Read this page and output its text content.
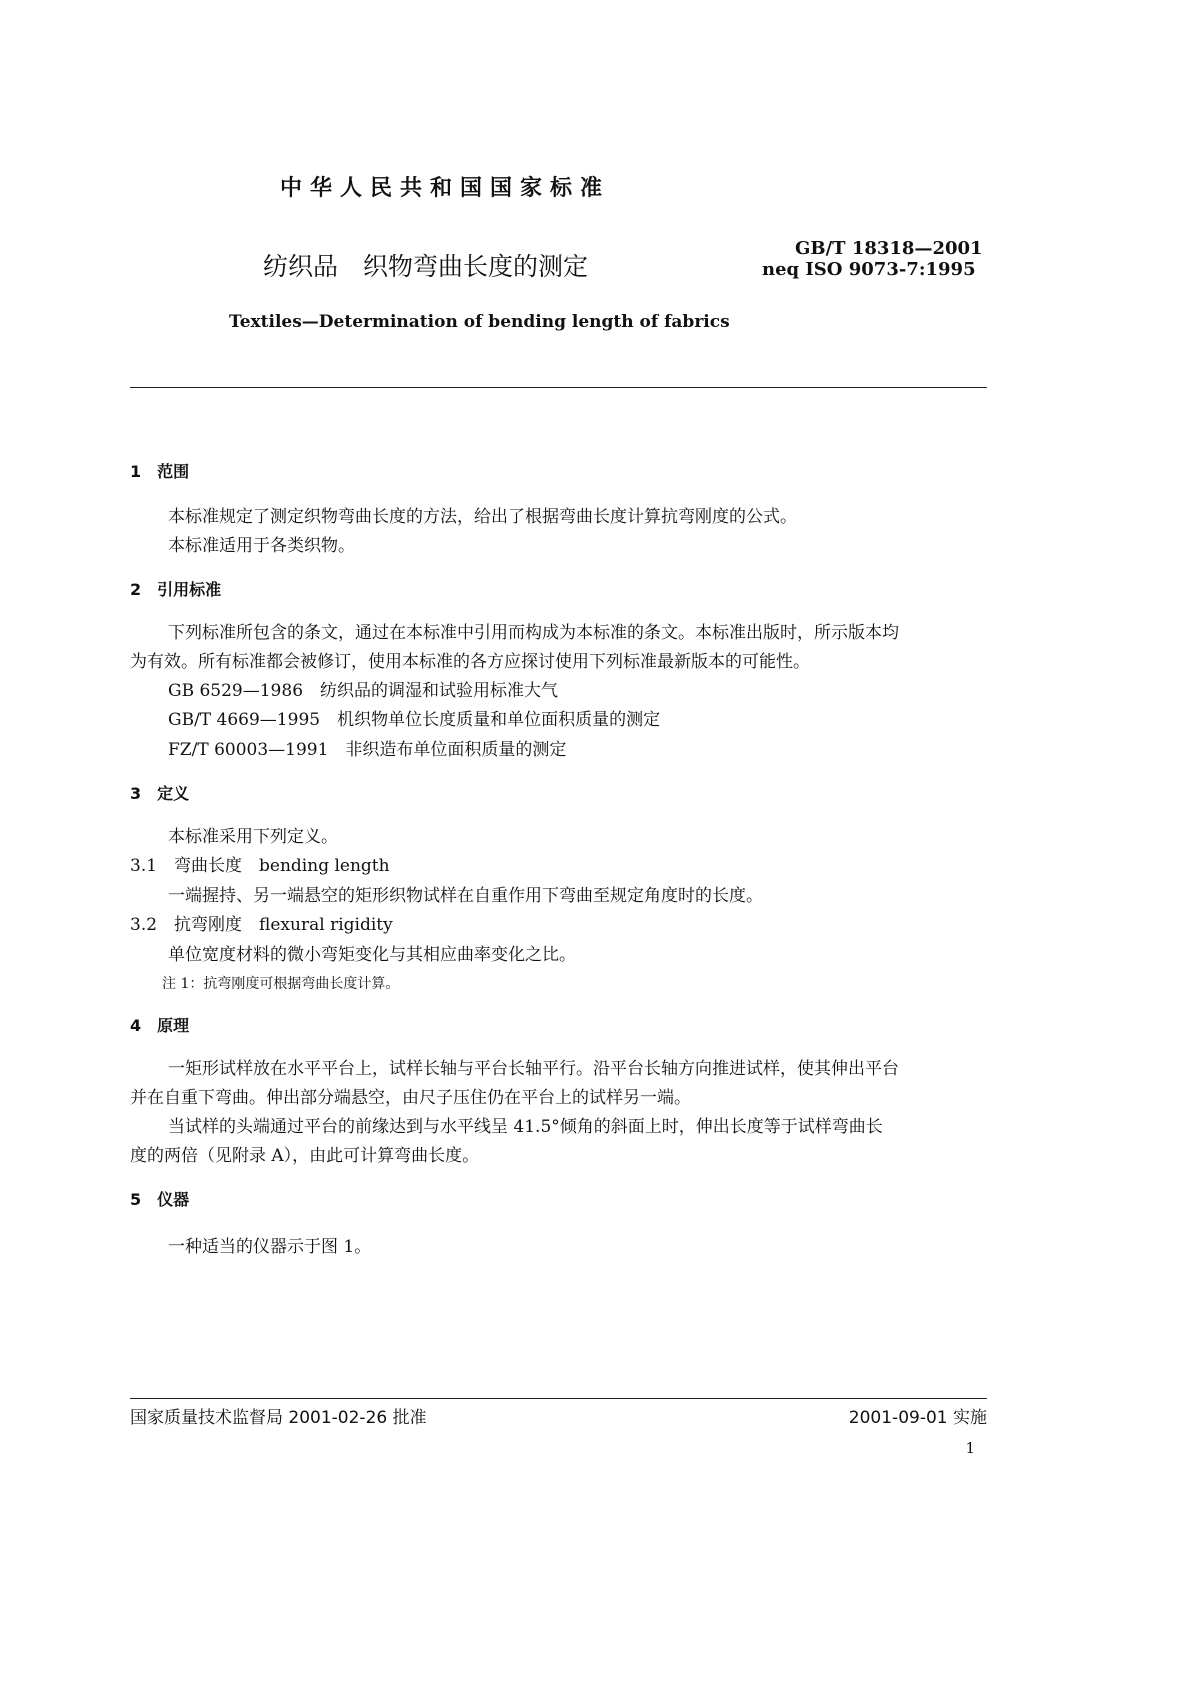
中华人民共和国国家标准
纺织品　织物弯曲长度的测定
GB/T 18318—2001
neq ISO 9073-7:1995
Textiles—Determination of bending length of fabrics
1　范围
本标准规定了测定织物弯曲长度的方法，给出了根据弯曲长度计算抗弯刚度的公式。
本标准适用于各类织物。
2　引用标准
下列标准所包含的条文，通过在本标准中引用而构成为本标准的条文。本标准出版时，所示版本均
为有效。所有标准都会被修订，使用本标准的各方应探讨使用下列标准最新版本的可能性。
GB 6529—1986　纺织品的调湿和试验用标准大气
GB/T 4669—1995　机织物单位长度质量和单位面积质量的测定
FZ/T 60003—1991　非织造布单位面积质量的测定
3　定义
本标准采用下列定义。
3.1　弯曲长度　bending length
一端握持、另一端悬空的矩形织物试样在自重作用下弯曲至规定角度时的长度。
3.2　抗弯刚度　flexural rigidity
单位宽度材料的微小弯矩变化与其相应曲率变化之比。
注 1：抗弯刚度可根据弯曲长度计算。
4　原理
一矩形试样放在水平平台上，试样长轴与平台长轴平行。沿平台长轴方向推进试样，使其伸出平台
并在自重下弯曲。伸出部分端悬空，由尺子压住仍在平台上的试样另一端。
当试样的头端通过平台的前缘达到与水平线呈 41.5°倾角的斜面上时，伸出长度等于试样弯曲长
度的两倍（见附录 A），由此可计算弯曲长度。
5　仪器
一种适当的仪器示于图 1。
国家质量技术监督局 2001-02-26 批准	2001-09-01 实施
1
